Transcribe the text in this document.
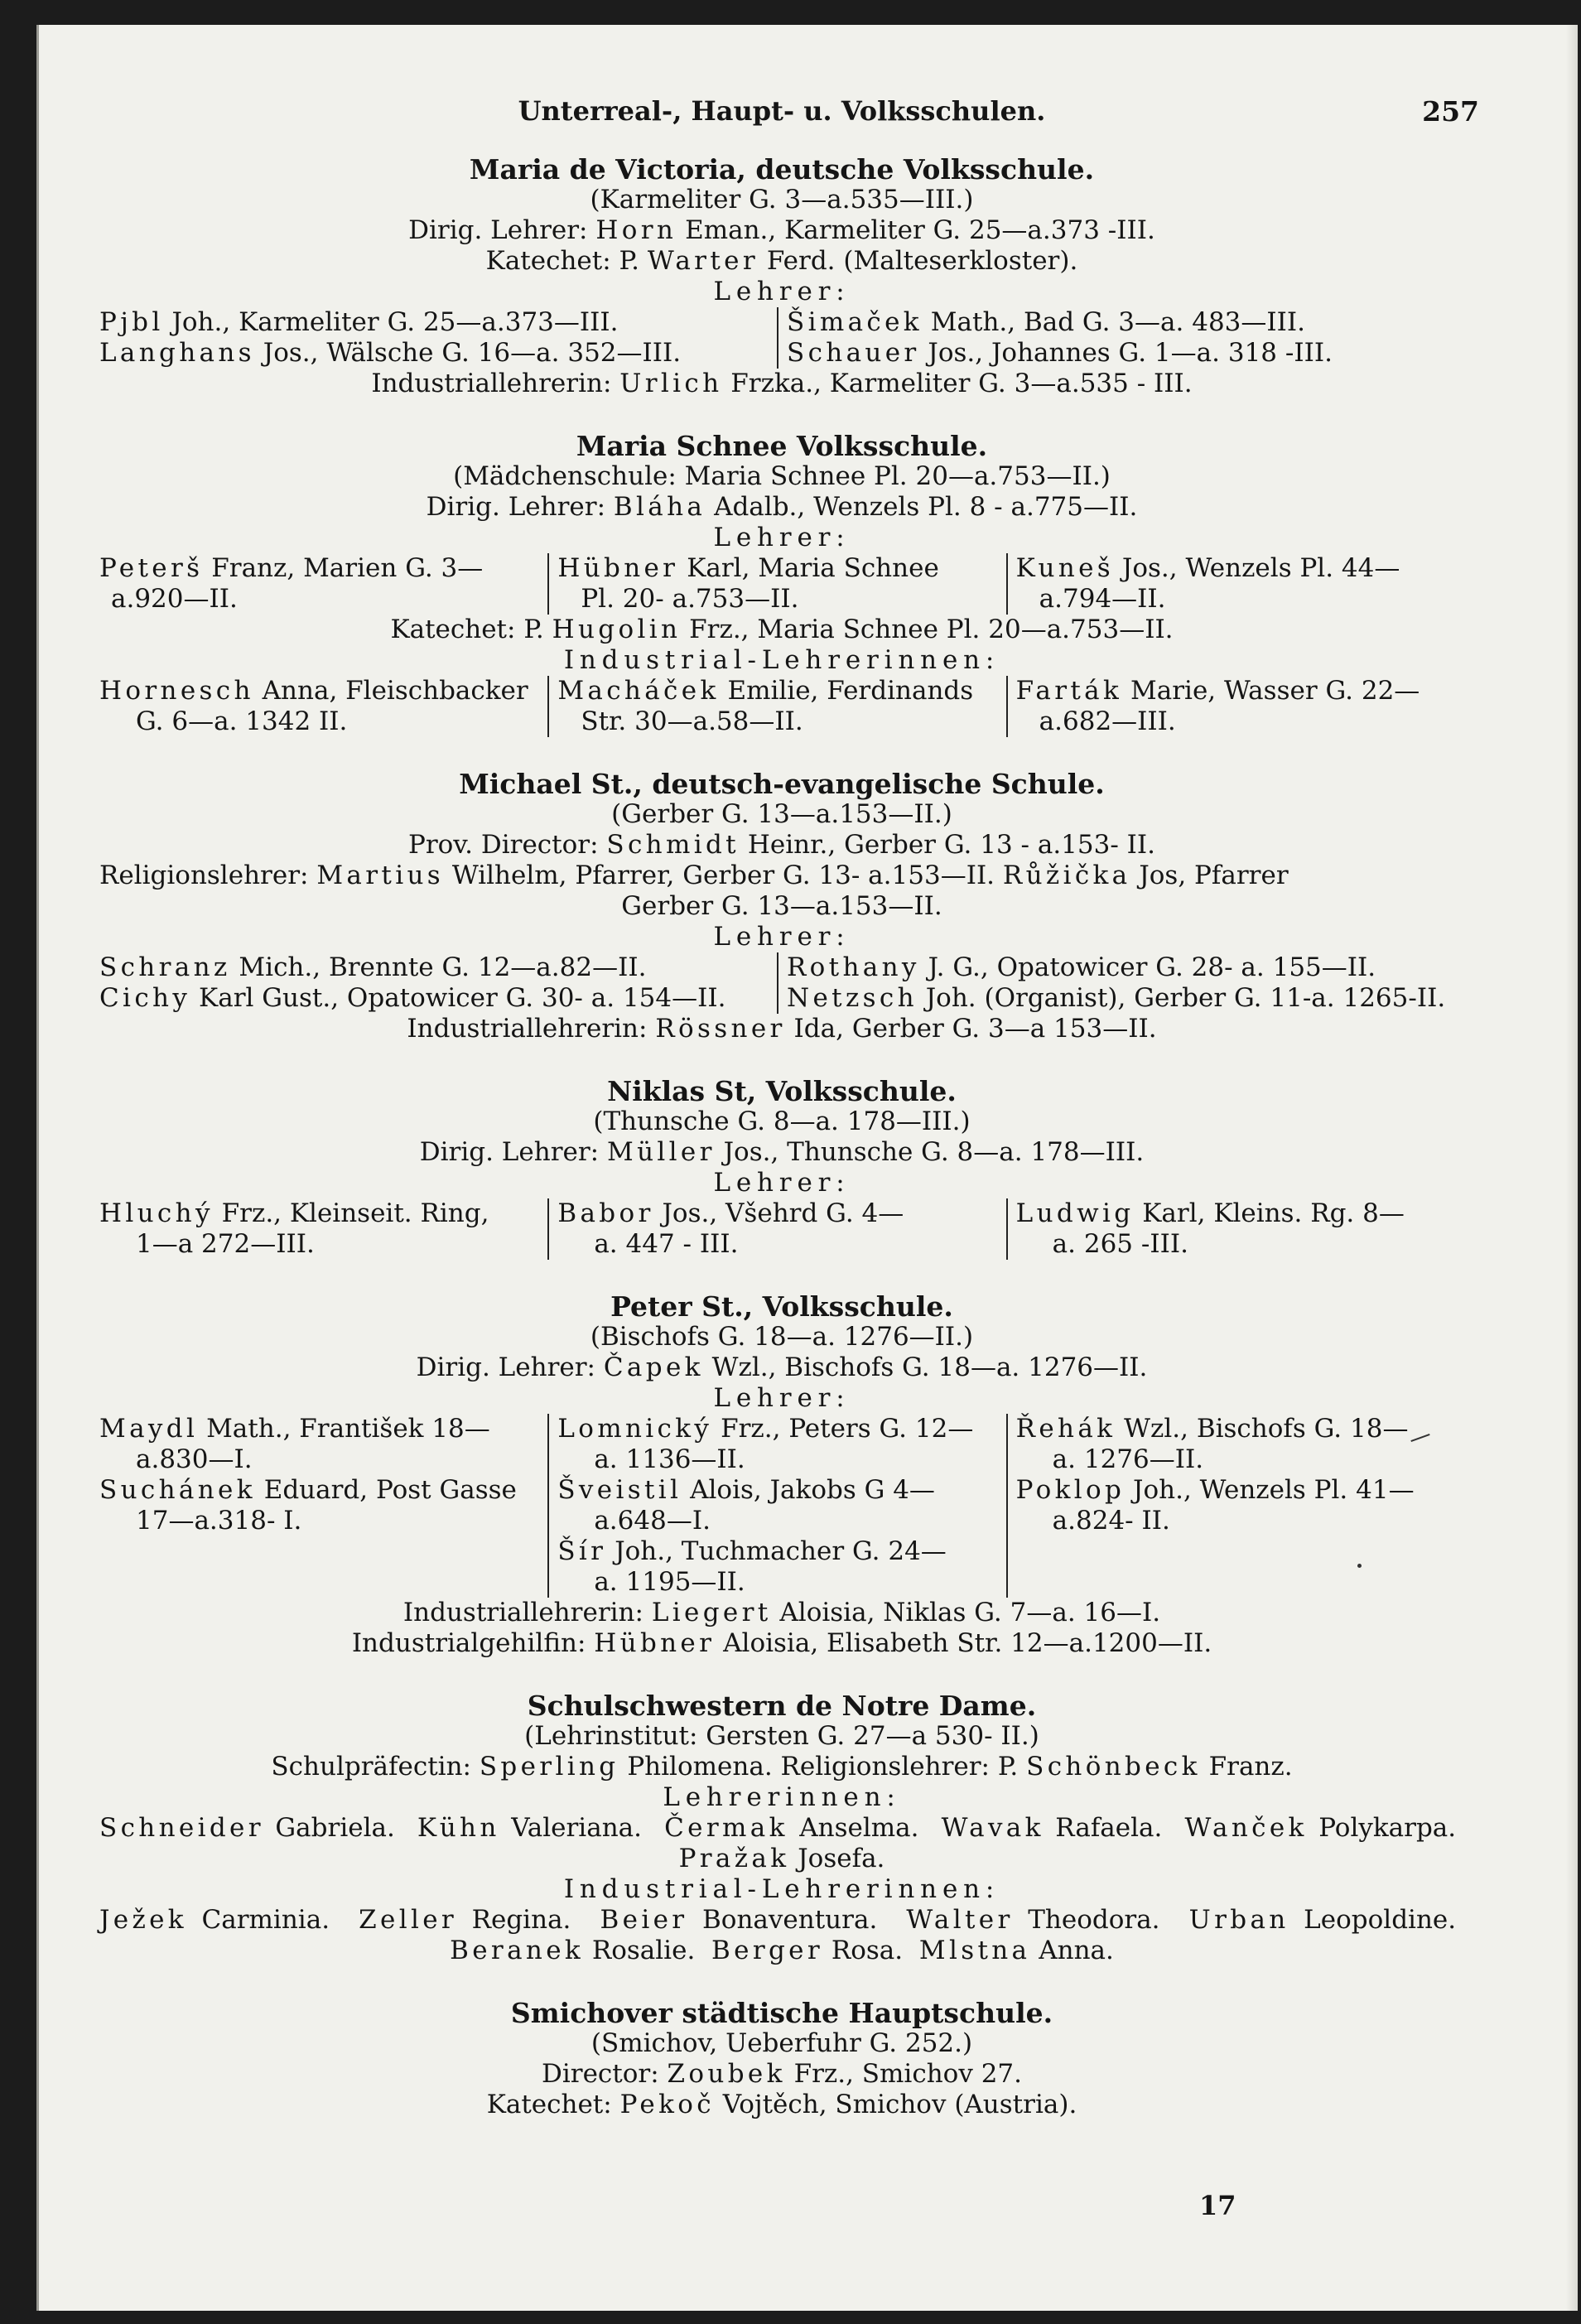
Unterreal-, Haupt- u. Volksschulen.	257
Maria de Victoria, deutsche Volksschule.
(Karmeliter G. 3—a.535—III.)
Dirig. Lehrer: Horn Eman., Karmeliter G. 25—a.373 -III.
Katechet: P. Warter Ferd. (Malteserkloster).
Lehrer:
Pjbl Joh., Karmeliter G. 25—a.373—III.
Langhans Jos., Wälsche G. 16—a. 352—III.
Šimaček Math., Bad G. 3—a. 483—III.
Schauer Jos., Johannes G. 1—a. 318 -III.
Industriallehrerin: Urlich Frzka., Karmeliter G. 3—a.535 - III.
Maria Schnee Volksschule.
(Mädchenschule: Maria Schnee Pl. 20—a.753—II.)
Dirig. Lehrer: Bláha Adalb., Wenzels Pl. 8 - a.775—II.
Lehrer:
Peterš Franz, Marien G. 3—
a.920—II.
Hübner Karl, Maria Schnee
Pl. 20- a.753—II.
Kuneš Jos., Wenzels Pl. 44—
a.794—II.
Katechet: P. Hugolin Frz., Maria Schnee Pl. 20—a.753—II.
Industrial-Lehrerinnen:
Hornesch Anna, Fleischbacker
G. 6—a. 1342 II.
Macháček Emilie, Ferdinands
Str. 30—a.58—II.
Farták Marie, Wasser G. 22—
a.682—III.
Michael St., deutsch-evangelische Schule.
(Gerber G. 13—a.153—II.)
Prov. Director: Schmidt Heinr., Gerber G. 13 - a.153- II.
Religionslehrer: Martius Wilhelm, Pfarrer, Gerber G. 13- a.153—II. Růžička Jos, Pfarrer
Gerber G. 13—a.153—II.
Lehrer:
Schranz Mich., Brennte G. 12—a.82—II.
Cichy Karl Gust., Opatowicer G. 30- a. 154—II.
Rothany J. G., Opatowicer G. 28- a. 155—II.
Netzsch Joh. (Organist), Gerber G. 11-a. 1265-II.
Industriallehrerin: Rössner Ida, Gerber G. 3—a 153—II.
Niklas St, Volksschule.
(Thunsche G. 8—a. 178—III.)
Dirig. Lehrer: Müller Jos., Thunsche G. 8—a. 178—III.
Lehrer:
Hluchý Frz., Kleinseit. Ring,
1—a 272—III.
Babor Jos., Všehrd G. 4—
a. 447 - III.
Ludwig Karl, Kleins. Rg. 8—
a. 265 -III.
Peter St., Volksschule.
(Bischofs G. 18—a. 1276—II.)
Dirig. Lehrer: Čapek Wzl., Bischofs G. 18—a. 1276—II.
Lehrer:
Maydl Math., František 18—
a.830—I.
Suchánek Eduard, Post Gasse
17—a.318- I.
Lomnický Frz., Peters G. 12—
a. 1136—II.
Šveistil Alois, Jakobs G 4—
a.648—I.
Šír Joh., Tuchmacher G. 24—
a. 1195—II.
Řehák Wzl., Bischofs G. 18—
a. 1276—II.
Poklop Joh., Wenzels Pl. 41—
a.824- II.
Industriallehrerin: Liegert Aloisia, Niklas G. 7—a. 16—I.
Industrialgehilfin: Hübner Aloisia, Elisabeth Str. 12—a.1200—II.
Schulschwestern de Notre Dame.
(Lehrinstitut: Gersten G. 27—a 530- II.)
Schulpräfectin: Sperling Philomena. Religionslehrer: P. Schönbeck Franz.
Lehrerinnen:
Schneider Gabriela. Kühn Valeriana. Čermak Anselma. Wavak Rafaela. Wanček Polykarpa.  Pražak Josefa.
Industrial-Lehrerinnen:
Ježek Carminia. Zeller Regina. Beier Bonaventura. Walter Theodora. Urban Leopoldine.  Beranek Rosalie. Berger Rosa. Mlstna Anna.
Smichover städtische Hauptschule.
(Smichov, Ueberfuhr G. 252.)
Director: Zoubek Frz., Smichov 27.
Katechet: Pekoč Vojtěch, Smichov (Austria).
17
